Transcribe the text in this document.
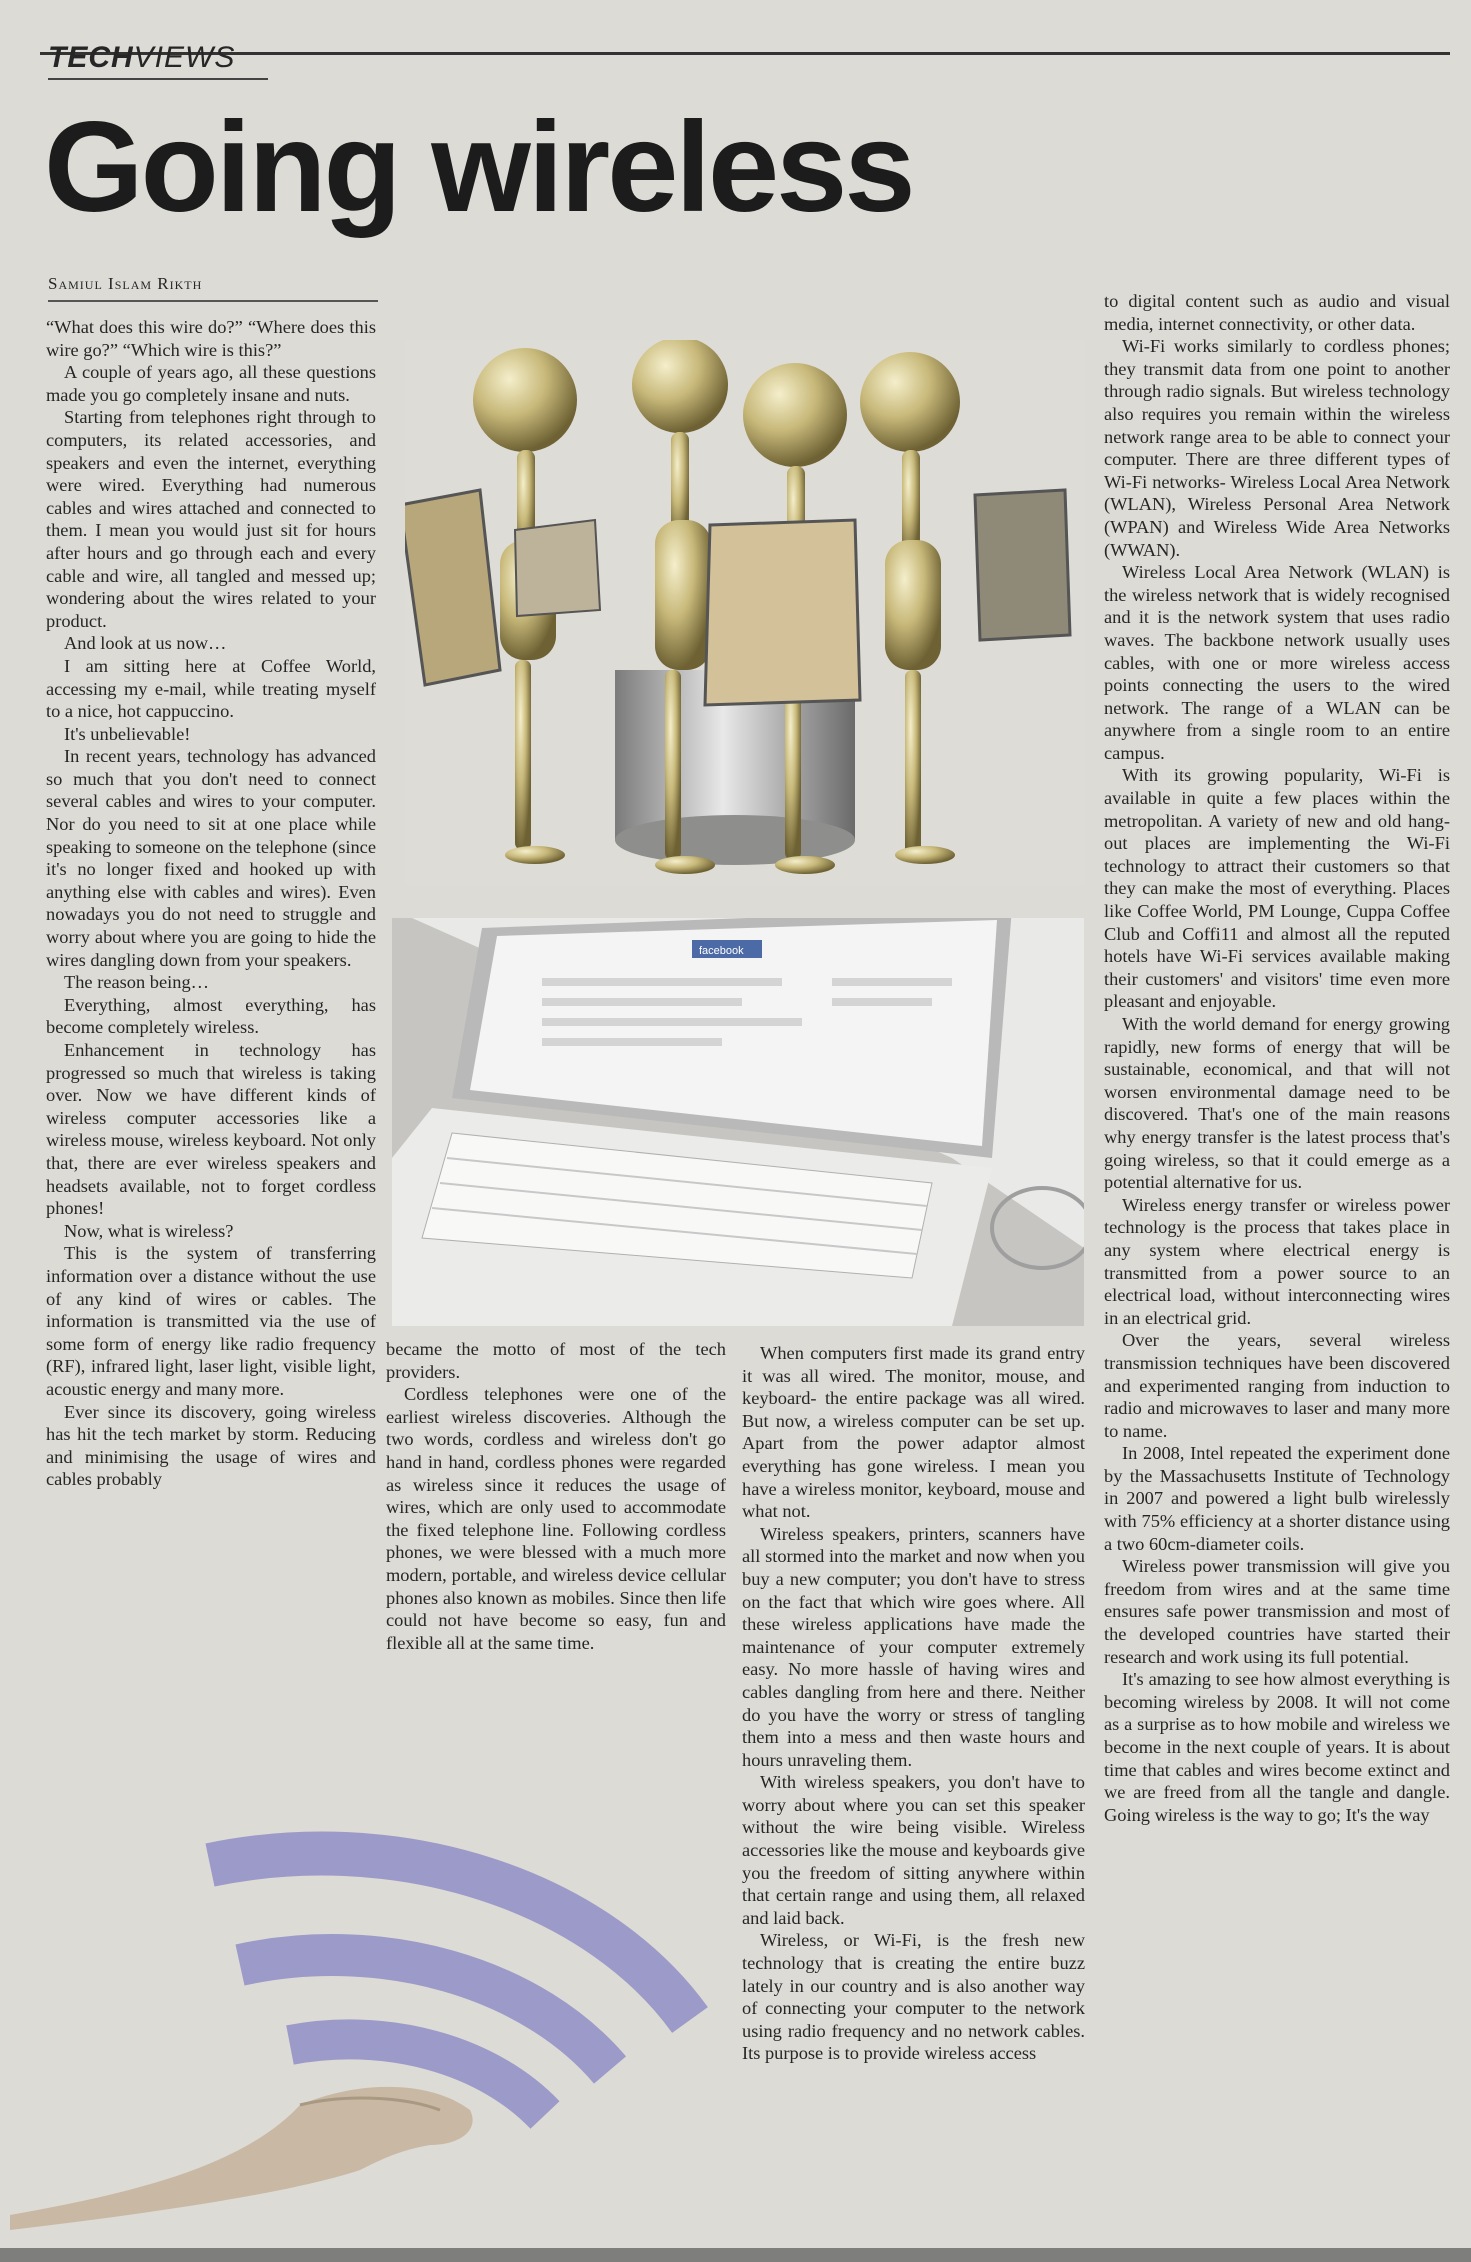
TECHVIEWS
Going wireless
Samiul Islam Rikth

“What does this wire do?” “Where does this wire go?” “Which wire is this?”

A couple of years ago, all these questions made you go completely insane and nuts.

Starting from telephones right through to computers, its related accessories, and speakers and even the internet, everything were wired. Everything had numerous cables and wires attached and connected to them. I mean you would just sit for hours after hours and go through each and every cable and wire, all tangled and messed up; wondering about the wires related to your product.

And look at us now…

I am sitting here at Coffee World, accessing my e-mail, while treating myself to a nice, hot cappuccino.

It's unbelievable!

In recent years, technology has advanced so much that you don't need to connect several cables and wires to your computer. Nor do you need to sit at one place while speaking to someone on the telephone (since it's no longer fixed and hooked up with anything else with cables and wires). Even nowadays you do not need to struggle and worry about where you are going to hide the wires dangling down from your speakers.

The reason being…

Everything, almost everything, has become completely wireless.

Enhancement in technology has progressed so much that wireless is taking over. Now we have different kinds of wireless computer accessories like a wireless mouse, wireless keyboard. Not only that, there are ever wireless speakers and headsets available, not to forget cordless phones!

Now, what is wireless?

This is the system of transferring information over a distance without the use of any kind of wires or cables. The information is transmitted via the use of some form of energy like radio frequency (RF), infrared light, laser light, visible light, acoustic energy and many more.

Ever since its discovery, going wireless has hit the tech market by storm. Reducing and minimising the usage of wires and cables probably

became the motto of most of the tech providers.

Cordless telephones were one of the earliest wireless discoveries. Although the two words, cordless and wireless don't go hand in hand, cordless phones were regarded as wireless since it reduces the usage of wires, which are only used to accommodate the fixed telephone line. Following cordless phones, we were blessed with a much more modern, portable, and wireless device cellular phones also known as mobiles. Since then life could not have become so easy, fun and flexible all at the same time.

When computers first made its grand entry it was all wired. The monitor, mouse, and keyboard- the entire package was all wired. But now, a wireless computer can be set up. Apart from the power adaptor almost everything has gone wireless. I mean you have a wireless monitor, keyboard, mouse and what not.

Wireless speakers, printers, scanners have all stormed into the market and now when you buy a new computer; you don't have to stress on the fact that which wire goes where. All these wireless applications have made the maintenance of your computer extremely easy. No more hassle of having wires and cables dangling from here and there. Neither do you have the worry or stress of tangling them into a mess and then waste hours and hours unraveling them.

With wireless speakers, you don't have to worry about where you can set this speaker without the wire being visible. Wireless accessories like the mouse and keyboards give you the freedom of sitting anywhere within that certain range and using them, all relaxed and laid back.

Wireless, or Wi-Fi, is the fresh new technology that is creating the entire buzz lately in our country and is also another way of connecting your computer to the network using radio frequency and no network cables. Its purpose is to provide wireless access

to digital content such as audio and visual media, internet connectivity, or other data.

Wi-Fi works similarly to cordless phones; they transmit data from one point to another through radio signals. But wireless technology also requires you remain within the wireless network range area to be able to connect your computer. There are three different types of Wi-Fi networks- Wireless Local Area Network (WLAN), Wireless Personal Area Network (WPAN) and Wireless Wide Area Networks (WWAN).

Wireless Local Area Network (WLAN) is the wireless network that is widely recognised and it is the network system that uses radio waves. The backbone network usually uses cables, with one or more wireless access points connecting the users to the wired network. The range of a WLAN can be anywhere from a single room to an entire campus.

With its growing popularity, Wi-Fi is available in quite a few places within the metropolitan. A variety of new and old hang-out places are implementing the Wi-Fi technology to attract their customers so that they can make the most of everything. Places like Coffee World, PM Lounge, Cuppa Coffee Club and Coffi11 and almost all the reputed hotels have Wi-Fi services available making their customers' and visitors' time even more pleasant and enjoyable.

With the world demand for energy growing rapidly, new forms of energy that will be sustainable, economical, and that will not worsen environmental damage need to be discovered. That's one of the main reasons why energy transfer is the latest process that's going wireless, so that it could emerge as a potential alternative for us.

Wireless energy transfer or wireless power technology is the process that takes place in any system where electrical energy is transmitted from a power source to an electrical load, without interconnecting wires in an electrical grid.

Over the years, several wireless transmission techniques have been discovered and experimented ranging from induction to radio and microwaves to laser and many more to name.

In 2008, Intel repeated the experiment done by the Massachusetts Institute of Technology in 2007 and powered a light bulb wirelessly with 75% efficiency at a shorter distance using a two 60cm-diameter coils.

Wireless power transmission will give you freedom from wires and at the same time ensures safe power transmission and most of the developed countries have started their research and work using its full potential.

It's amazing to see how almost everything is becoming wireless by 2008. It will not come as a surprise as to how mobile and wireless we become in the next couple of years. It is about time that cables and wires become extinct and we are freed from all the tangle and dangle. Going wireless is the way to go; It's the way

facebook
